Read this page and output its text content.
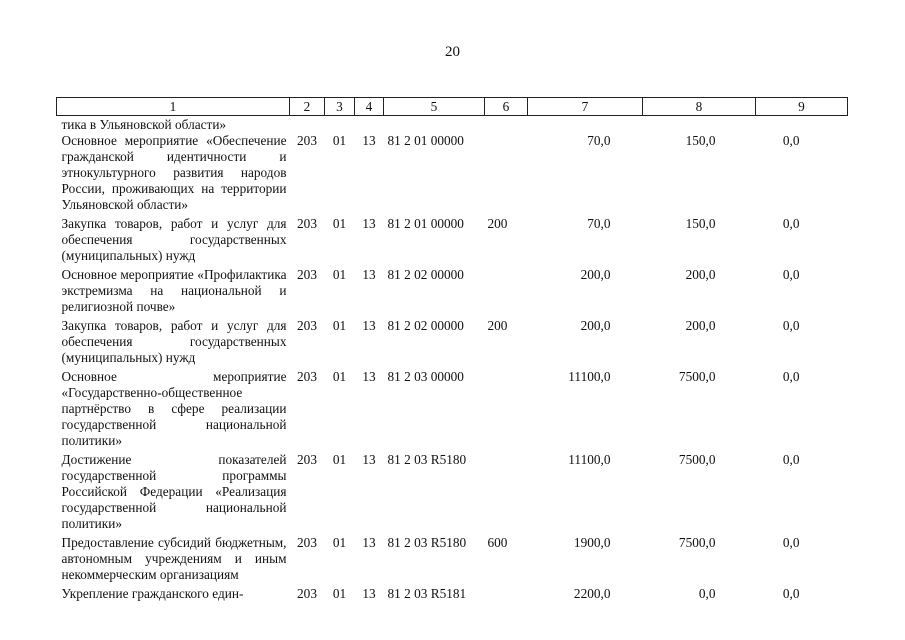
20
1	2	3	4	5	6	7	8	9
тика в Ульяновской области»								
Основное мероприятие «Обеспечение гражданской идентичности и этнокультурного развития народов России, проживающих на территории Ульяновской области»	203	01	13	81 2 01 00000		70,0	150,0	0,0
Закупка товаров, работ и услуг для обеспечения государственных (муниципальных) нужд	203	01	13	81 2 01 00000	200	70,0	150,0	0,0
Основное мероприятие «Профилактика экстремизма на национальной и религиозной почве»	203	01	13	81 2 02 00000		200,0	200,0	0,0
Закупка товаров, работ и услуг для обеспечения государственных (муниципальных) нужд	203	01	13	81 2 02 00000	200	200,0	200,0	0,0
Основное мероприятие «Государственно-общественное партнёрство в сфере реализации государственной национальной политики»	203	01	13	81 2 03 00000		11100,0	7500,0	0,0
Достижение показателей государственной программы Российской Федерации «Реализация государственной национальной политики»	203	01	13	81 2 03 R5180		11100,0	7500,0	0,0
Предоставление субсидий бюджетным, автономным учреждениям и иным некоммерческим организациям	203	01	13	81 2 03 R5180	600	1900,0	7500,0	0,0
Укрепление гражданского един-	203	01	13	81 2 03 R5181		2200,0	0,0	0,0
